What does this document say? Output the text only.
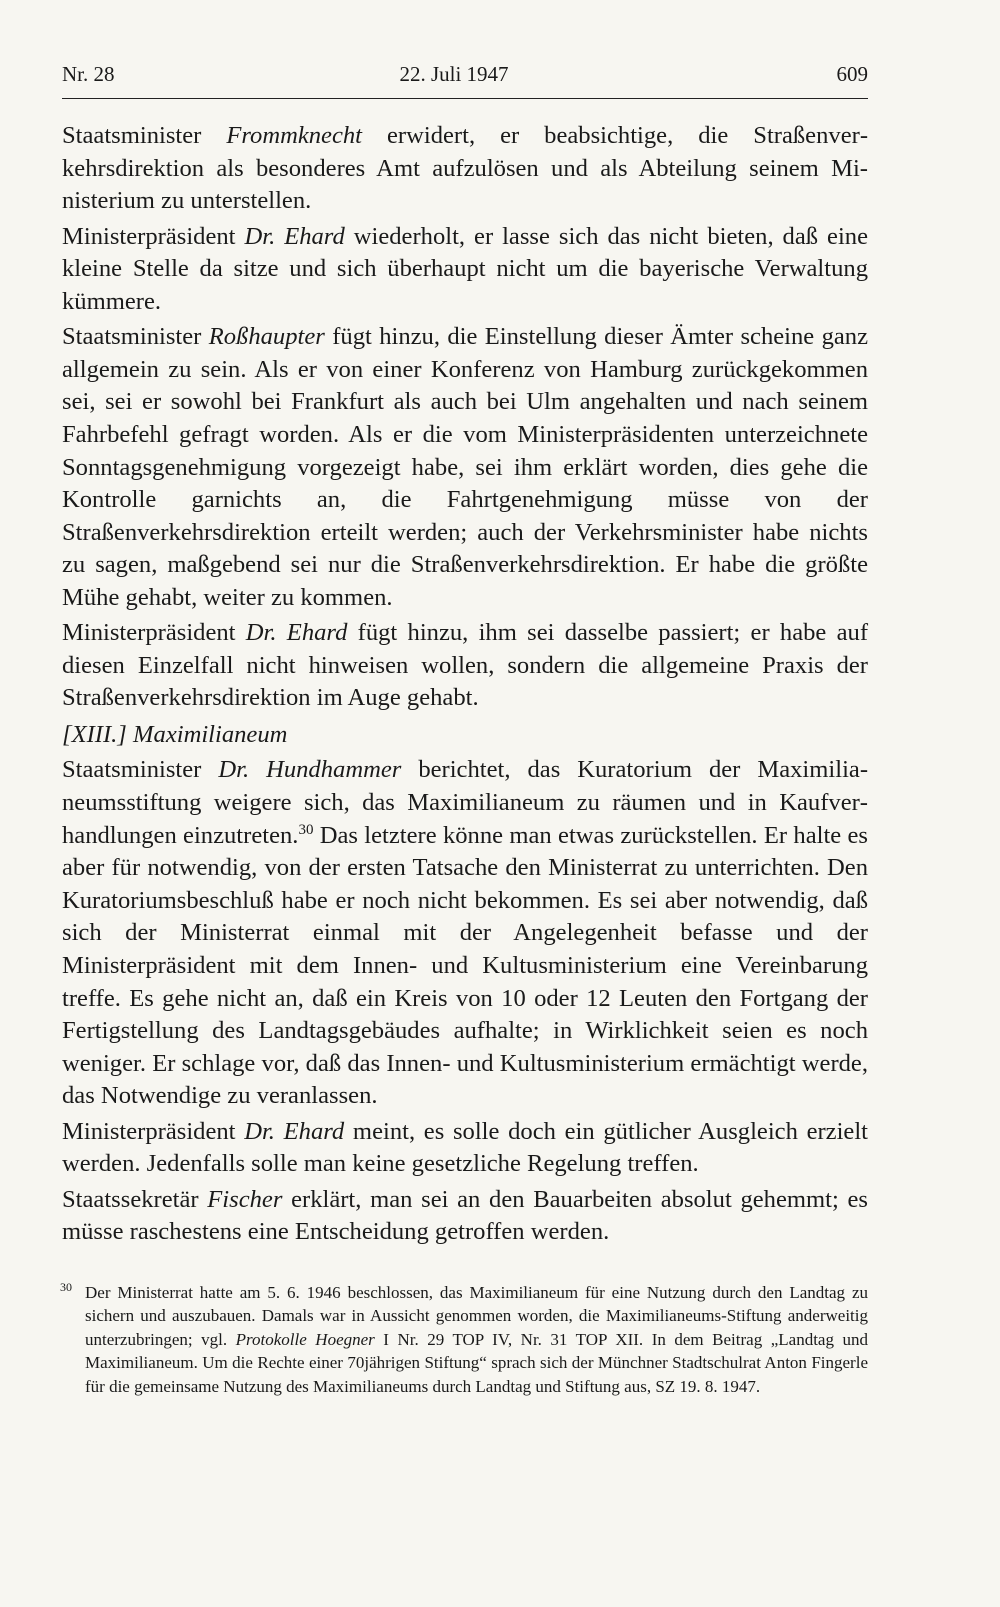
Nr. 28	22. Juli 1947	609

Staatsminister Frommknecht erwidert, er beabsichtige, die Straßenverkehrsdirektion als besonderes Amt aufzulösen und als Abteilung seinem Ministerium zu unterstellen.

Ministerpräsident Dr. Ehard wiederholt, er lasse sich das nicht bieten, daß eine kleine Stelle da sitze und sich überhaupt nicht um die bayerische Verwaltung kümmere.

Staatsminister Roßhaupter fügt hinzu, die Einstellung dieser Ämter scheine ganz allgemein zu sein. Als er von einer Konferenz von Hamburg zurückgekommen sei, sei er sowohl bei Frankfurt als auch bei Ulm angehalten und nach seinem Fahrbefehl gefragt worden. Als er die vom Ministerpräsidenten unterzeichnete Sonntagsgenehmigung vorgezeigt habe, sei ihm erklärt worden, dies gehe die Kontrolle garnichts an, die Fahrtgenehmigung müsse von der Straßenverkehrsdirektion erteilt werden; auch der Verkehrsminister habe nichts zu sagen, maßgebend sei nur die Straßenverkehrsdirektion. Er habe die größte Mühe gehabt, weiter zu kommen.

Ministerpräsident Dr. Ehard fügt hinzu, ihm sei dasselbe passiert; er habe auf diesen Einzelfall nicht hinweisen wollen, sondern die allgemeine Praxis der Straßenverkehrsdirektion im Auge gehabt.

[XIII.] Maximilianeum

Staatsminister Dr. Hundhammer berichtet, das Kuratorium der Maximilianeumsstiftung weigere sich, das Maximilianeum zu räumen und in Kaufverhandlungen einzutreten.$^{30}$ Das letztere könne man etwas zurückstellen. Er halte es aber für notwendig, von der ersten Tatsache den Ministerrat zu unterrichten. Den Kuratoriumsbeschluß habe er noch nicht bekommen. Es sei aber notwendig, daß sich der Ministerrat einmal mit der Angelegenheit befasse und der Ministerpräsident mit dem Innen- und Kultusministerium eine Vereinbarung treffe. Es gehe nicht an, daß ein Kreis von 10 oder 12 Leuten den Fortgang der Fertigstellung des Landtagsgebäudes aufhalte; in Wirklichkeit seien es noch weniger. Er schlage vor, daß das Innen- und Kultusministerium ermächtigt werde, das Notwendige zu veranlassen.

Ministerpräsident Dr. Ehard meint, es solle doch ein gütlicher Ausgleich erzielt werden. Jedenfalls solle man keine gesetzliche Regelung treffen.

Staatssekretär Fischer erklärt, man sei an den Bauarbeiten absolut gehemmt; es müsse raschestens eine Entscheidung getroffen werden.

30 Der Ministerrat hatte am 5. 6. 1946 beschlossen, das Maximilianeum für eine Nutzung durch den Landtag zu sichern und auszubauen. Damals war in Aussicht genommen worden, die Maximilianeums-Stiftung anderweitig unterzubringen; vgl. Protokolle Hoegner I Nr. 29 TOP IV, Nr. 31 TOP XII. In dem Beitrag „Landtag und Maximilianeum. Um die Rechte einer 70jährigen Stiftung“ sprach sich der Münchner Stadtschulrat Anton Fingerle für die gemeinsame Nutzung des Maximilianeums durch Landtag und Stiftung aus, SZ 19. 8. 1947.
